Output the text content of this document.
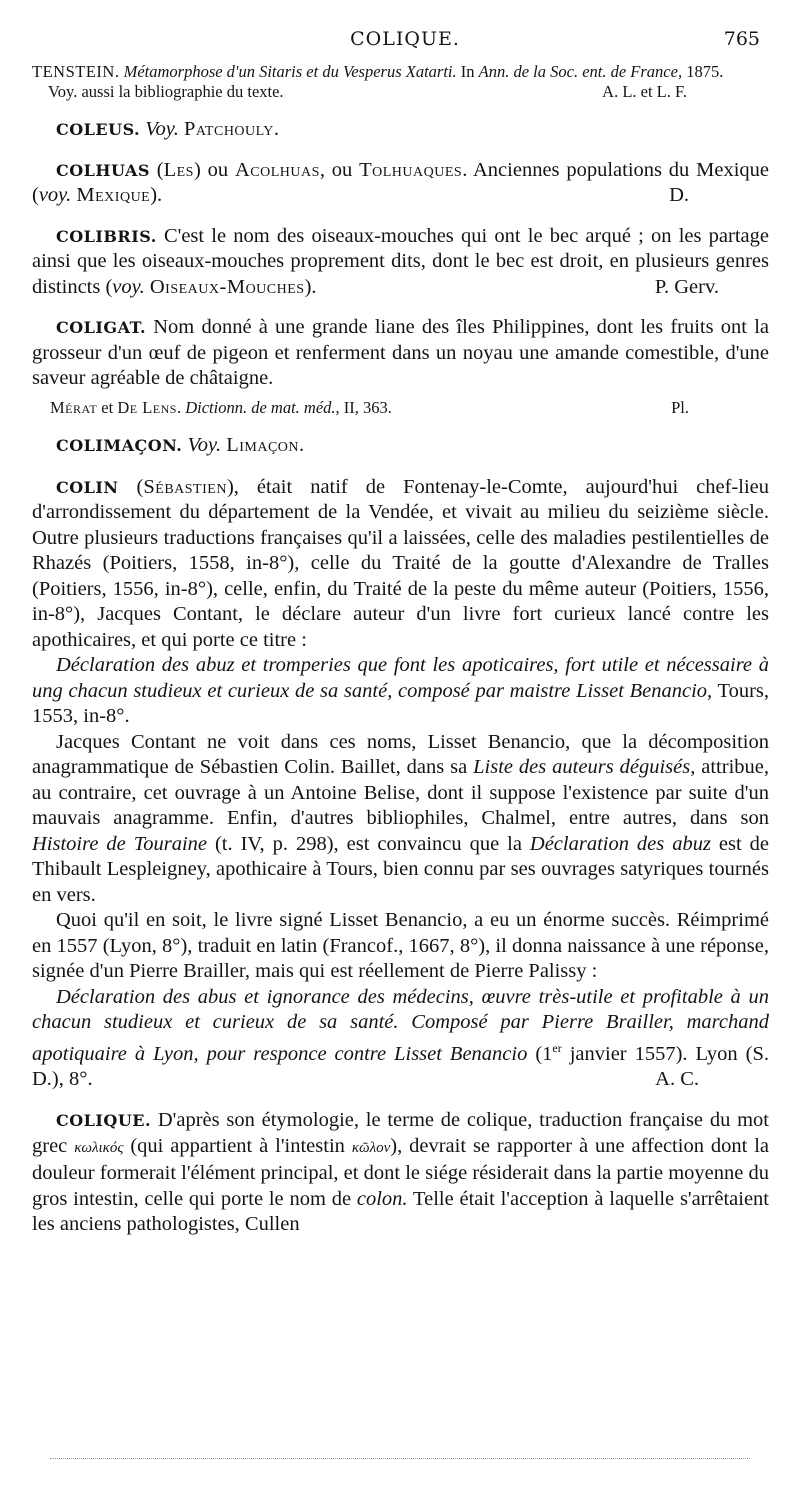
COLIQUE.	765

TENSTEIN. Métamorphose d'un Sitaris et du Vesperus Xatarti. In Ann. de la Soc. ent. de France, 1875.

Voy. aussi la bibliographie du texte.	A. L. et L. F.

COLEUS. Voy. Patchouly.

COLHUAS (Les) ou Acolhuas, ou Tolhuaques. Anciennes populations du Mexique (voy. Mexique).	D.

COLIBRIS. C'est le nom des oiseaux-mouches qui ont le bec arqué ; on les partage ainsi que les oiseaux-mouches proprement dits, dont le bec est droit, en plusieurs genres distincts (voy. Oiseaux-Mouches).	P. Gerv.

COLIGAT. Nom donné à une grande liane des îles Philippines, dont les fruits ont la grosseur d'un œuf de pigeon et renferment dans un noyau une amande comestible, d'une saveur agréable de châtaigne.

Mérat et De Lens. Dictionn. de mat. méd., II, 363.	Pl.

COLIMAÇON. Voy. Limaçon.

COLIN (Sébastien), était natif de Fontenay-le-Comte, aujourd'hui chef-lieu d'arrondissement du département de la Vendée, et vivait au milieu du seizième siècle. Outre plusieurs traductions françaises qu'il a laissées, celle des maladies pestilentielles de Rhazés (Poitiers, 1558, in-8°), celle du Traité de la goutte d'Alexandre de Tralles (Poitiers, 1556, in-8°), celle, enfin, du Traité de la peste du même auteur (Poitiers, 1556, in-8°), Jacques Contant, le déclare auteur d'un livre fort curieux lancé contre les apothicaires, et qui porte ce titre :

Déclaration des abuz et tromperies que font les apoticaires, fort utile et nécessaire à ung chacun studieux et curieux de sa santé, composé par maistre Lisset Benancio, Tours, 1553, in-8°.

Jacques Contant ne voit dans ces noms, Lisset Benancio, que la décomposition anagrammatique de Sébastien Colin. Baillet, dans sa Liste des auteurs déguisés, attribue, au contraire, cet ouvrage à un Antoine Belise, dont il suppose l'existence par suite d'un mauvais anagramme. Enfin, d'autres bibliophiles, Chalmel, entre autres, dans son Histoire de Touraine (t. IV, p. 298), est convaincu que la Déclaration des abuz est de Thibault Lespleigney, apothicaire à Tours, bien connu par ses ouvrages satyriques tournés en vers.

Quoi qu'il en soit, le livre signé Lisset Benancio, a eu un énorme succès. Réimprimé en 1557 (Lyon, 8°), traduit en latin (Francof., 1667, 8°), il donna naissance à une réponse, signée d'un Pierre Brailler, mais qui est réellement de Pierre Palissy :

Déclaration des abus et ignorance des médecins, œuvre très-utile et profitable à un chacun studieux et curieux de sa santé. Composé par Pierre Brailler, marchand apotiquaire à Lyon, pour responce contre Lisset Benancio (1er janvier 1557). Lyon (S. D.), 8°.	A. C.

COLIQUE. D'après son étymologie, le terme de colique, traduction française du mot grec κωλικός (qui appartient à l'intestin κῶλον), devrait se rapporter à une affection dont la douleur formerait l'élément principal, et dont le siége résiderait dans la partie moyenne du gros intestin, celle qui porte le nom de colon. Telle était l'acception à laquelle s'arrêtaient les anciens pathologistes, Cullen
